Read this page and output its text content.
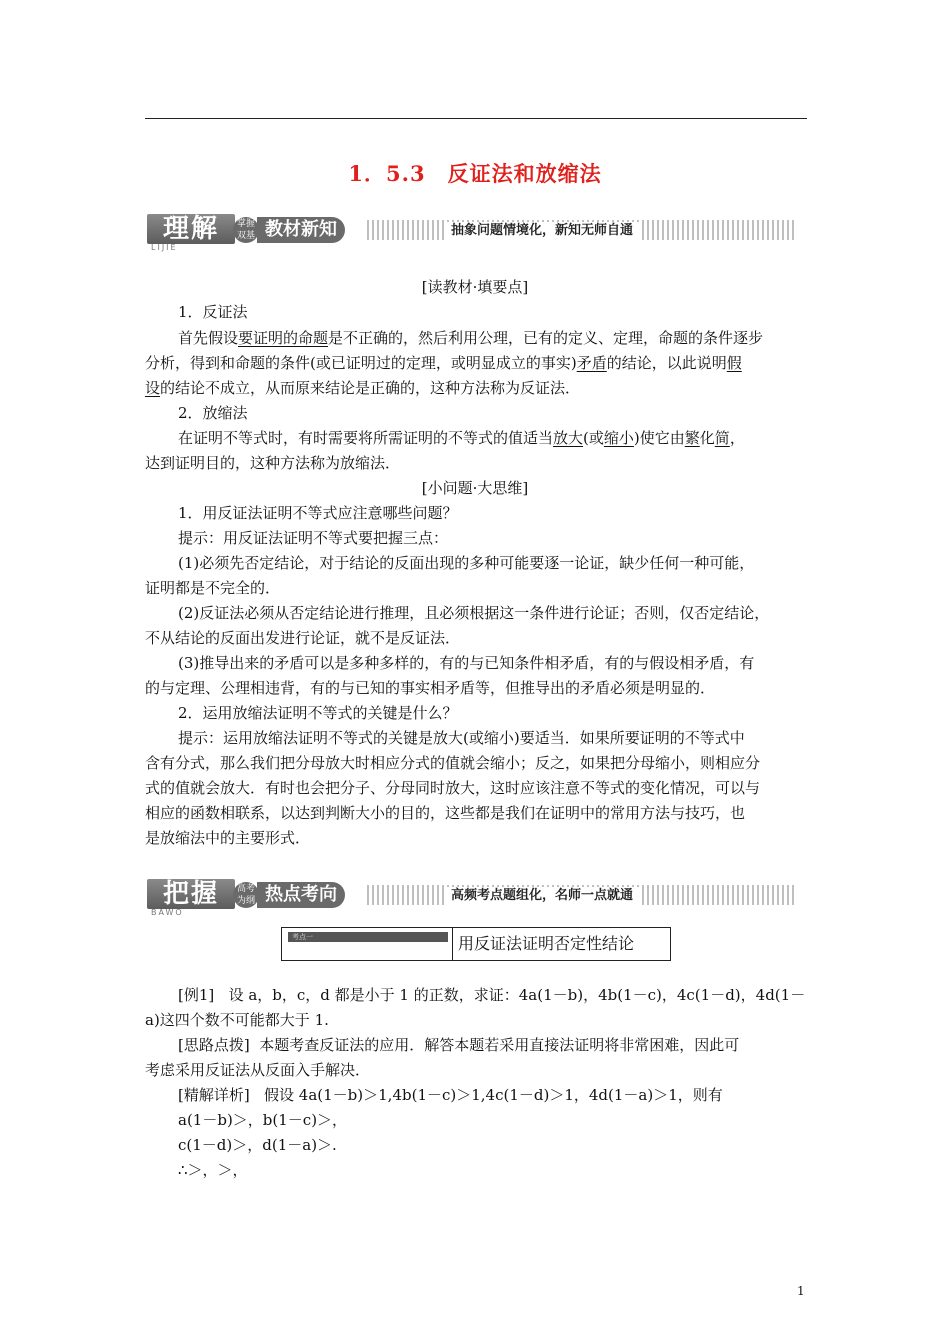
1．5.3　反证法和放缩法
理解
LIJIE
掌握 双基 教材新知	抽象问题情境化，新知无师自通
[读教材·填要点]
1．反证法
首先假设要证明的命题是不正确的，然后利用公理，已有的定义、定理，命题的条件逐步
分析，得到和命题的条件(或已证明过的定理，或明显成立的事实)矛盾的结论，以此说明假
设的结论不成立，从而原来结论是正确的，这种方法称为反证法．
2．放缩法
在证明不等式时，有时需要将所需证明的不等式的值适当放大(或缩小)使它由繁化简，
达到证明目的，这种方法称为放缩法．
[小问题·大思维]
1．用反证法证明不等式应注意哪些问题？
提示：用反证法证明不等式要把握三点：
(1)必须先否定结论，对于结论的反面出现的多种可能要逐一论证，缺少任何一种可能，
证明都是不完全的．
(2)反证法必须从否定结论进行推理，且必须根据这一条件进行论证；否则，仅否定结论，
不从结论的反面出发进行论证，就不是反证法．
(3)推导出来的矛盾可以是多种多样的，有的与已知条件相矛盾，有的与假设相矛盾，有
的与定理、公理相违背，有的与已知的事实相矛盾等，但推导出的矛盾必须是明显的．
2．运用放缩法证明不等式的关键是什么？
提示：运用放缩法证明不等式的关键是放大(或缩小)要适当．如果所要证明的不等式中
含有分式，那么我们把分母放大时相应分式的值就会缩小；反之，如果把分母缩小，则相应分
式的值就会放大．有时也会把分子、分母同时放大，这时应该注意不等式的变化情况，可以与
相应的函数相联系，以达到判断大小的目的，这些都是我们在证明中的常用方法与技巧，也
是放缩法中的主要形式．
把握
BAWO
高考 为纲 热点考向	高频考点题组化，名师一点就通
考点一	用反证法证明否定性结论
[例1] 设 a，b，c，d 都是小于 1 的正数，求证：4a(1－b)，4b(1－c)，4c(1－d)，4d(1－
a)这四个数不可能都大于 1.
[思路点拨] 本题考查反证法的应用．解答本题若采用直接法证明将非常困难，因此可
考虑采用反证法从反面入手解决．
[精解详析] 假设 4a(1－b)＞1,4b(1－c)＞1,4c(1－d)＞1，4d(1－a)＞1，则有
a(1－b)＞，b(1－c)＞，
c(1－d)＞，d(1－a)＞.
∴＞，＞，
1
